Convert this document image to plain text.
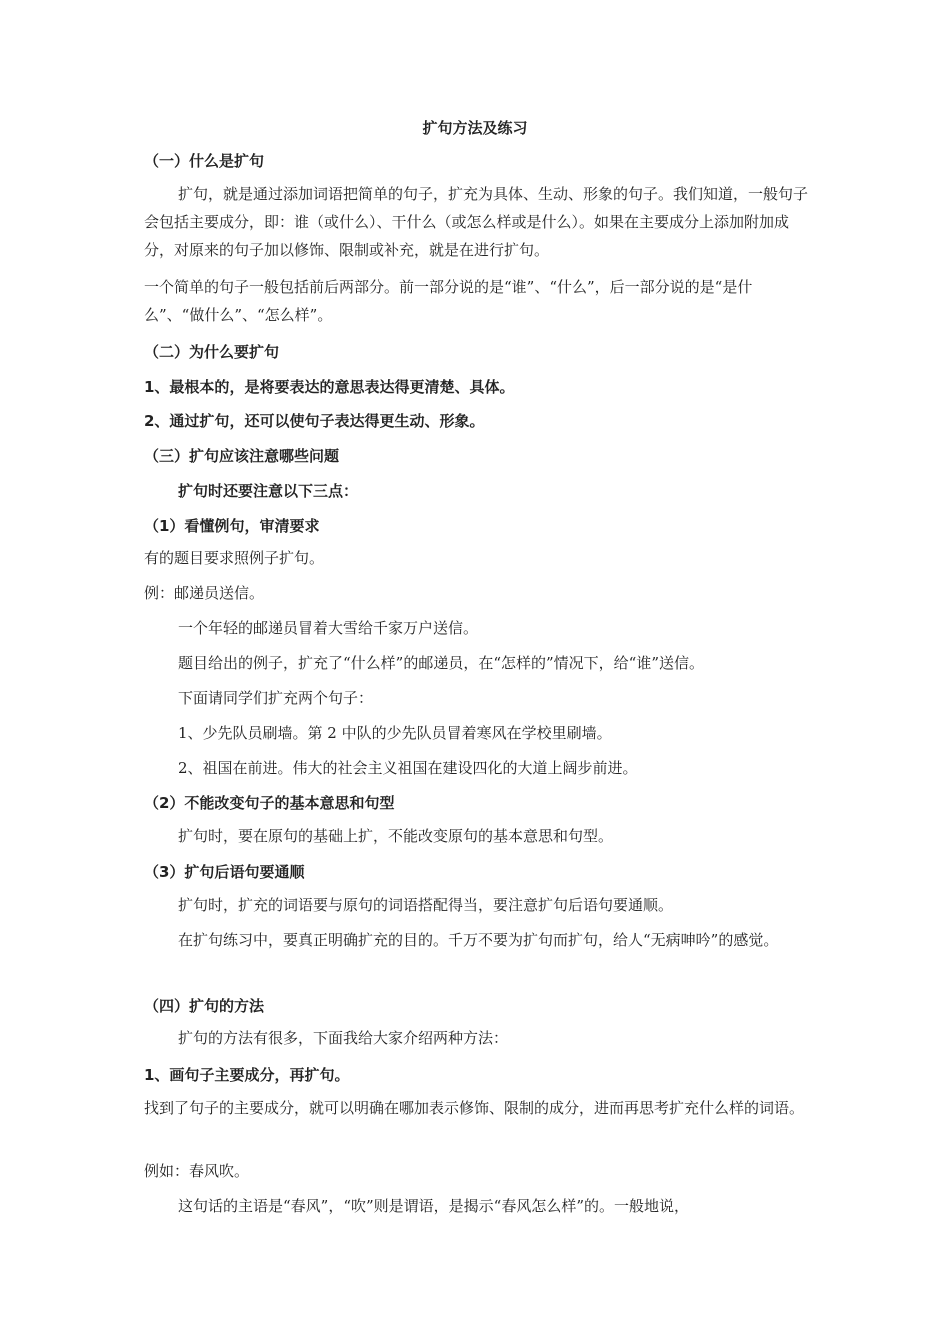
扩句方法及练习
（一）什么是扩句
扩句，就是通过添加词语把简单的句子，扩充为具体、生动、形象的句子。我们知道，一般句子会包括主要成分，即：谁（或什么）、干什么（或怎么样或是什么）。如果在主要成分上添加附加成分，对原来的句子加以修饰、限制或补充，就是在进行扩句。
一个简单的句子一般包括前后两部分。前一部分说的是“谁”、“什么”，后一部分说的是“是什么”、“做什么”、“怎么样”。
（二）为什么要扩句
1、最根本的，是将要表达的意思表达得更清楚、具体。
2、通过扩句，还可以使句子表达得更生动、形象。
（三）扩句应该注意哪些问题
扩句时还要注意以下三点：
（1）看懂例句，审清要求
有的题目要求照例子扩句。
例：邮递员送信。
一个年轻的邮递员冒着大雪给千家万户送信。
题目给出的例子，扩充了“什么样”的邮递员，在“怎样的”情况下，给“谁”送信。
下面请同学们扩充两个句子：
1、少先队员刷墙。第 2 中队的少先队员冒着寒风在学校里刷墙。
2、祖国在前进。伟大的社会主义祖国在建设四化的大道上阔步前进。
（2）不能改变句子的基本意思和句型
扩句时，要在原句的基础上扩，不能改变原句的基本意思和句型。
（3）扩句后语句要通顺
扩句时，扩充的词语要与原句的词语搭配得当，要注意扩句后语句要通顺。
在扩句练习中，要真正明确扩充的目的。千万不要为扩句而扩句，给人“无病呻吟”的感觉。
（四）扩句的方法
扩句的方法有很多，下面我给大家介绍两种方法：
1、画句子主要成分，再扩句。
找到了句子的主要成分，就可以明确在哪加表示修饰、限制的成分，进而再思考扩充什么样的词语。
例如：春风吹。
这句话的主语是“春风”，“吹”则是谓语，是揭示“春风怎么样”的。一般地说，
